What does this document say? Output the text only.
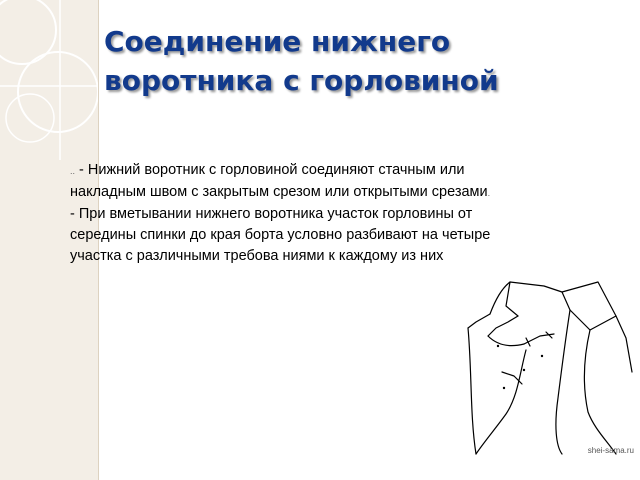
Соединение нижнего воротника с горловиной

.. - Нижний воротник с горловиной соединяют стачным или накладным швом с закрытым срезом или открытыми срезами.

- При вметывании нижнего воротника участок горловины от середины спинки до края борта условно разбивают на четыре участка с различными требова ниями к каждому из них

shei-sama.ru
